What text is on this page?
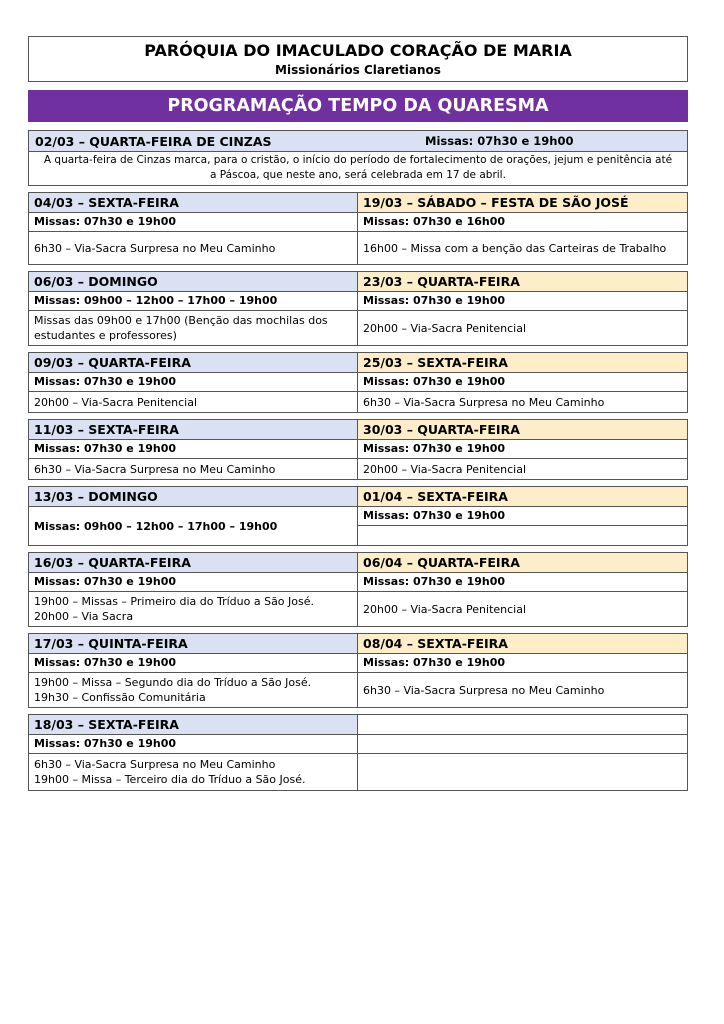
PARÓQUIA DO IMACULADO CORAÇÃO DE MARIA
Missionários Claretianos
PROGRAMAÇÃO TEMPO DA QUARESMA
02/03 – QUARTA-FEIRA DE CINZAS	Missas: 07h30 e 19h00
A quarta-feira de Cinzas marca, para o cristão, o início do período de fortalecimento de orações, jejum e penitência até
a Páscoa, que neste ano, será celebrada em 17 de abril.
04/03 – SEXTA-FEIRA
Missas: 07h30 e 19h00
6h30 – Via-Sacra Surpresa no Meu Caminho
19/03 – SÁBADO – FESTA DE SÃO JOSÉ
Missas: 07h30 e 16h00
16h00 – Missa com a benção das Carteiras de Trabalho
06/03 – DOMINGO
Missas: 09h00 – 12h00 – 17h00 – 19h00
Missas das 09h00 e 17h00 (Benção das mochilas dos estudantes e professores)
23/03 – QUARTA-FEIRA
Missas: 07h30 e 19h00
20h00 – Via-Sacra Penitencial
09/03 – QUARTA-FEIRA
Missas: 07h30 e 19h00
20h00 – Via-Sacra Penitencial
25/03 – SEXTA-FEIRA
Missas: 07h30 e 19h00
6h30 – Via-Sacra Surpresa no Meu Caminho
11/03 – SEXTA-FEIRA
Missas: 07h30 e 19h00
6h30 – Via-Sacra Surpresa no Meu Caminho
30/03 – QUARTA-FEIRA
Missas: 07h30 e 19h00
20h00 – Via-Sacra Penitencial
13/03 – DOMINGO
Missas: 09h00 – 12h00 – 17h00 – 19h00
01/04 – SEXTA-FEIRA
Missas: 07h30 e 19h00
16/03 – QUARTA-FEIRA
Missas: 07h30 e 19h00
19h00 – Missas – Primeiro dia do Tríduo a São José.
20h00 – Via Sacra
06/04 – QUARTA-FEIRA
Missas: 07h30 e 19h00
20h00 – Via-Sacra Penitencial
17/03 – QUINTA-FEIRA
Missas: 07h30 e 19h00
19h00 – Missa – Segundo dia do Tríduo a São José.
19h30 – Confissão Comunitária
08/04 – SEXTA-FEIRA
Missas: 07h30 e 19h00
6h30 – Via-Sacra Surpresa no Meu Caminho
18/03 – SEXTA-FEIRA
Missas: 07h30 e 19h00
6h30 – Via-Sacra Surpresa no Meu Caminho
19h00 – Missa – Terceiro dia do Tríduo a São José.
